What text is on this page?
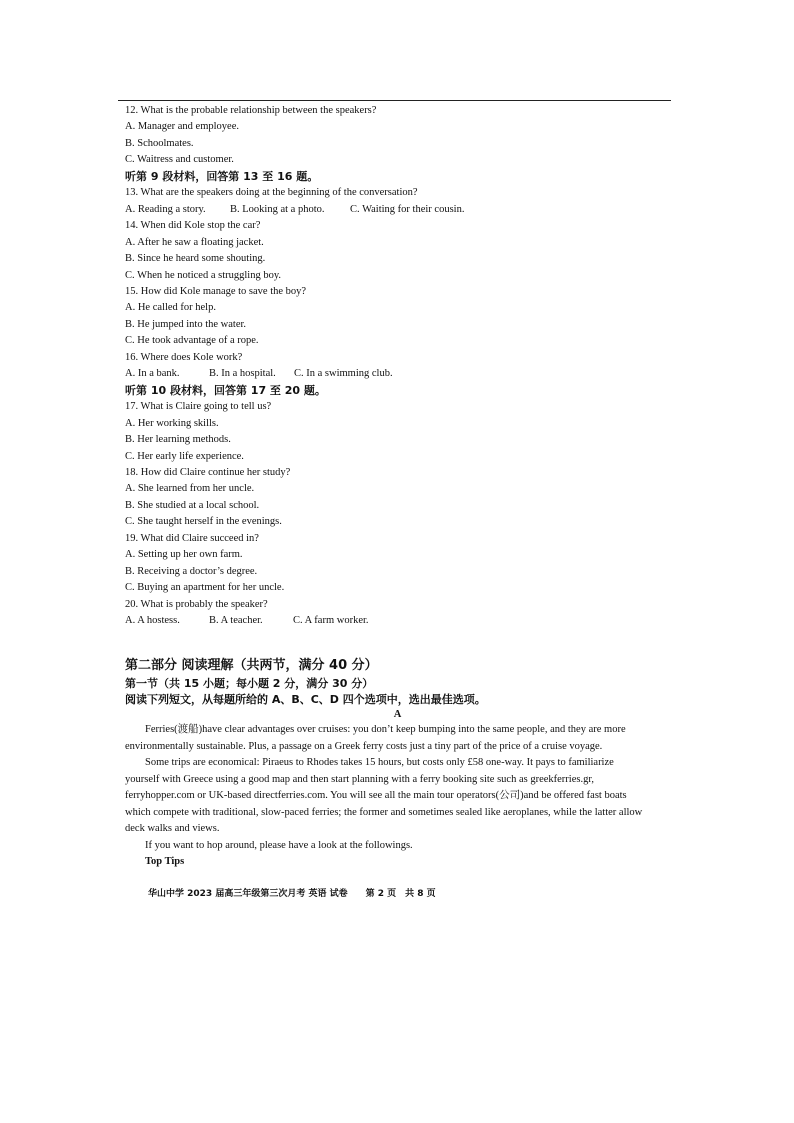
12. What is the probable relationship between the speakers?
A. Manager and employee.
B. Schoolmates.
C. Waitress and customer.
听第 9 段材料，回答第 13 至 16 题。
13. What are the speakers doing at the beginning of the conversation?
A. Reading a story. B. Looking at a photo. C. Waiting for their cousin.
14. When did Kole stop the car?
A. After he saw a floating jacket.
B. Since he heard some shouting.
C. When he noticed a struggling boy.
15. How did Kole manage to save the boy?
A. He called for help.
B. He jumped into the water.
C. He took advantage of a rope.
16. Where does Kole work?
A. In a bank.	B. In a hospital. C. In a swimming club.
听第 10 段材料，回答第 17 至 20 题。
17. What is Claire going to tell us?
A. Her working skills.
B. Her learning methods.
C. Her early life experience.
18. How did Claire continue her study?
A. She learned from her uncle.
B. She studied at a local school.
C. She taught herself in the evenings.
19. What did Claire succeed in?
A. Setting up her own farm.
B. Receiving a doctor’s degree.
C. Buying an apartment for her uncle.
20. What is probably the speaker?
A. A hostess.	B. A teacher.	C. A farm worker.
第二部分 阅读理解（共两节，满分 40 分）
第一节（共 15 小题；每小题 2 分，满分 30 分）
阅读下列短文，从每题所给的 A、B、C、D 四个选项中，选出最佳选项。
A
Ferries(渡船)have clear advantages over cruises: you don’t keep bumping into the same people, and they are more
environmentally sustainable. Plus, a passage on a Greek ferry costs just a tiny part of the price of a cruise voyage.
Some trips are economical: Piraeus to Rhodes takes 15 hours, but costs only £58 one-way. It pays to familiarize
yourself with Greece using a good map and then start planning with a ferry booking site such as greekferries.gr,
ferryhopper.com or UK-based directferries.com. You will see all the main tour operators(公司)and be offered fast boats
which compete with traditional, slow-paced ferries; the former and sometimes sealed like aeroplanes, while the latter allow
deck walks and views.
If you want to hop around, please have a look at the followings.
Top Tips
华山中学 2023 届高三年级第三次月考 英语 试卷　　第 2 页　共 8 页
